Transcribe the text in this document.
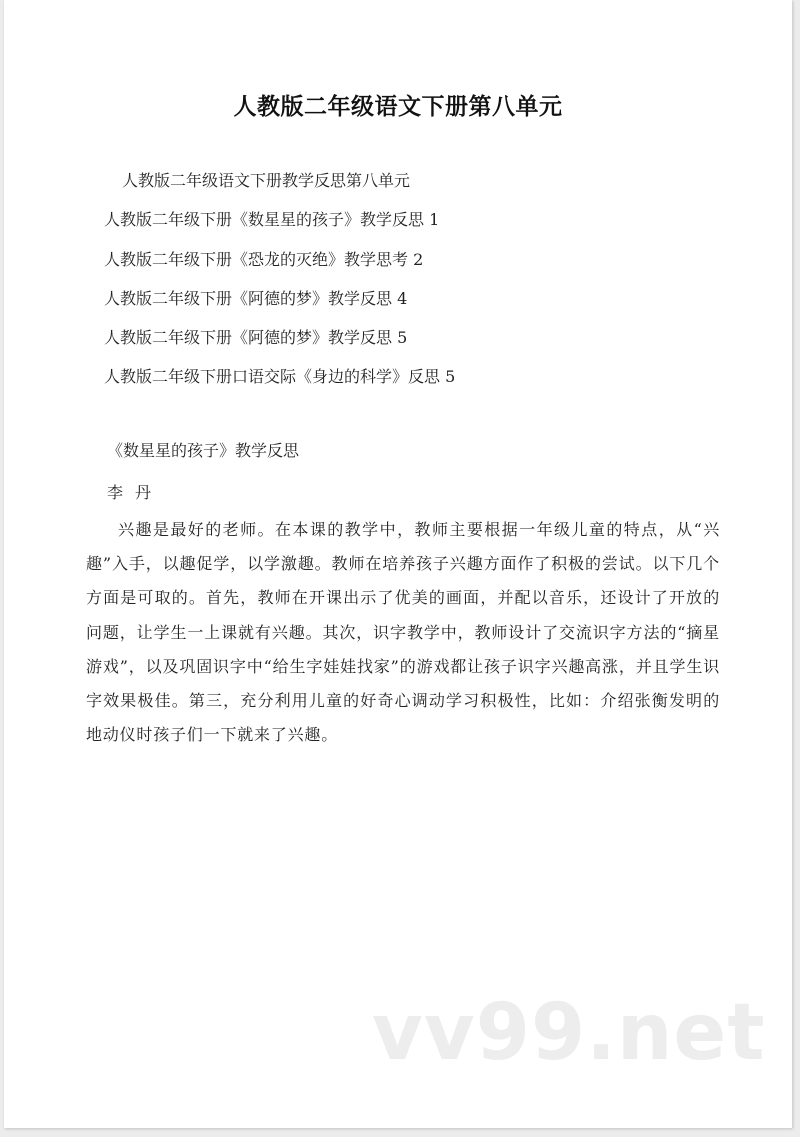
人教版二年级语文下册第八单元
人教版二年级语文下册教学反思第八单元
人教版二年级下册《数星星的孩子》教学反思 1
人教版二年级下册《恐龙的灭绝》教学思考 2
人教版二年级下册《阿德的梦》教学反思 4
人教版二年级下册《阿德的梦》教学反思 5
人教版二年级下册口语交际《身边的科学》反思 5
《数星星的孩子》教学反思
李丹

兴趣是最好的老师。在本课的教学中，教师主要根据一年级儿童的特点，从“兴趣”入手，以趣促学，以学激趣。教师在培养孩子兴趣方面作了积极的尝试。以下几个方面是可取的。首先，教师在开课出示了优美的画面，并配以音乐，还设计了开放的问题，让学生一上课就有兴趣。其次，识字教学中，教师设计了交流识字方法的“摘星游戏”，以及巩固识字中“给生字娃娃找家”的游戏都让孩子识字兴趣高涨，并且学生识字效果极佳。第三，充分利用儿童的好奇心调动学习积极性，比如：介绍张衡发明的地动仪时孩子们一下就来了兴趣。

vv99.net
